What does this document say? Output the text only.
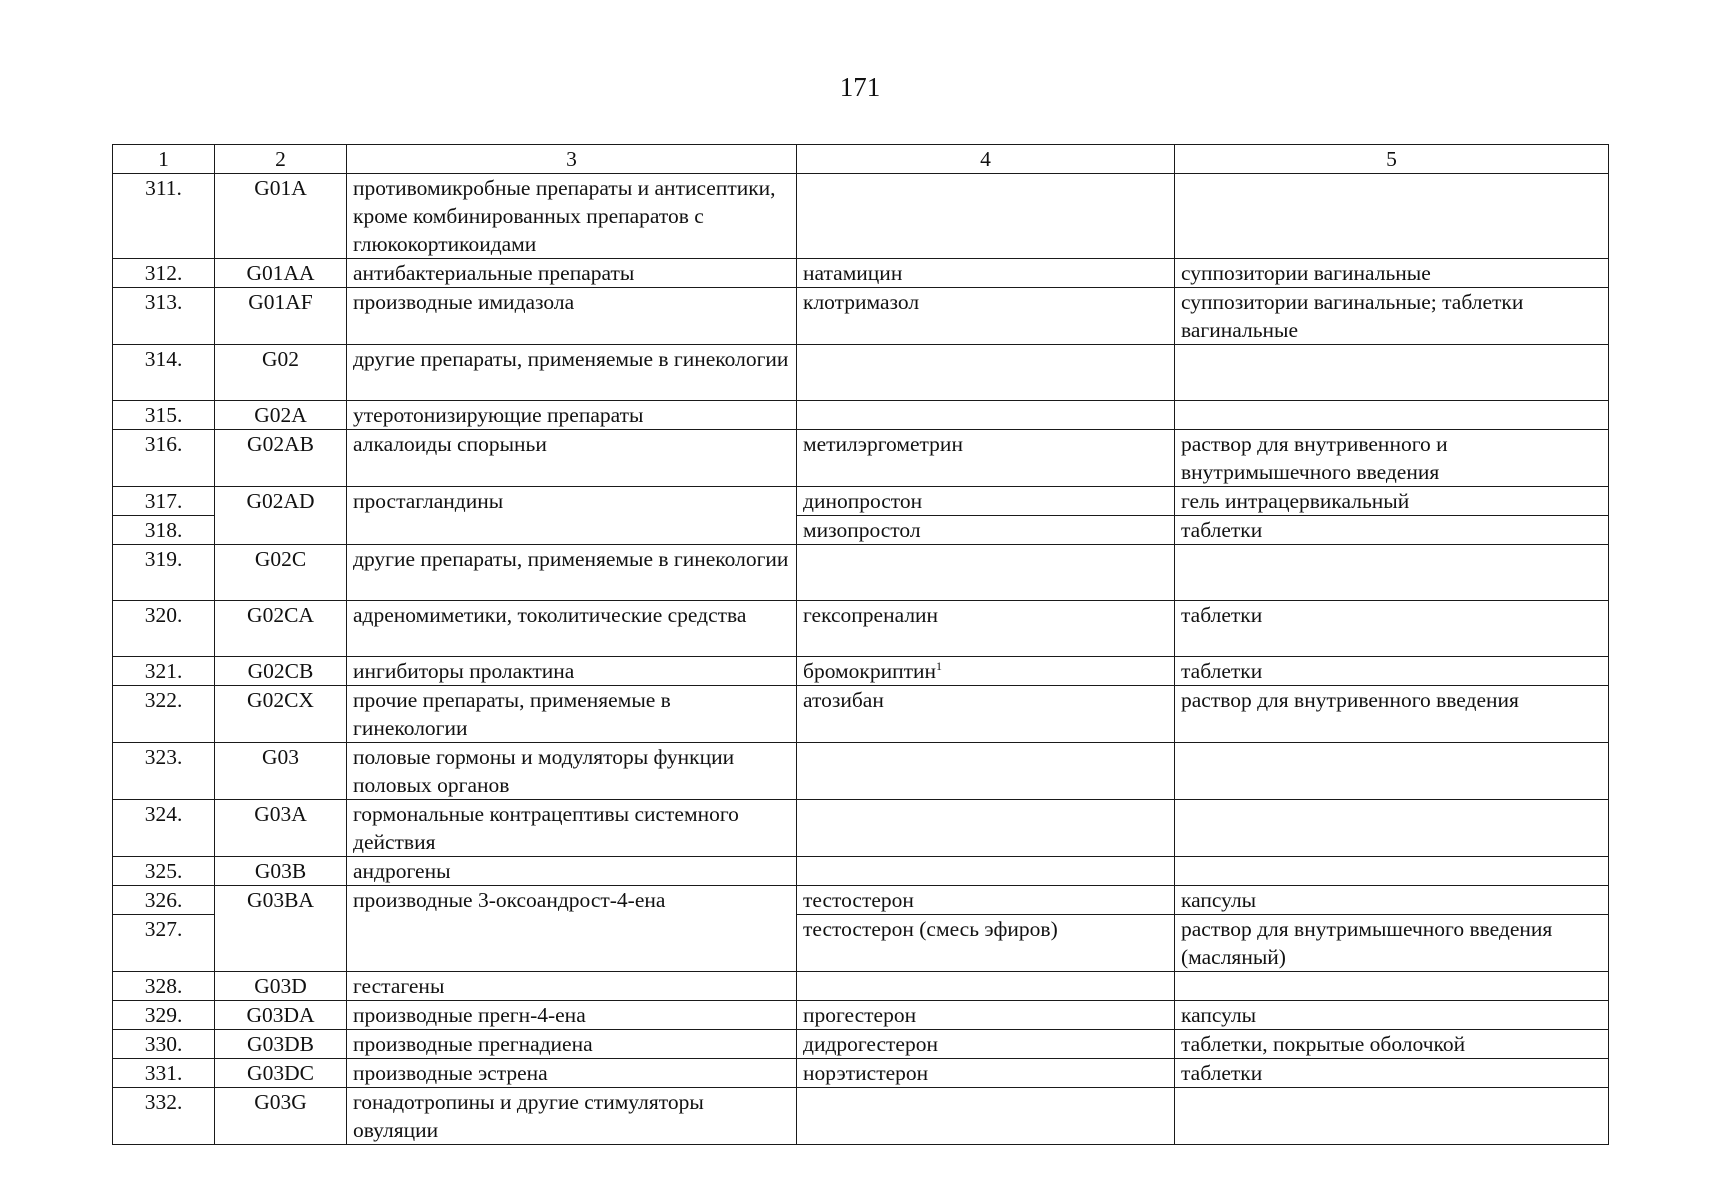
171
1	2	3	4	5
311.	G01A	противомикробные препараты и антисептики, кроме комбинированных препаратов с глюкокортикоидами		
312.	G01AA	антибактериальные препараты	натамицин	суппозитории вагинальные
313.	G01AF	производные имидазола	клотримазол	суппозитории вагинальные; таблетки вагинальные
314.	G02	другие препараты, применяемые в гинекологии		
315.	G02A	утеротонизирующие препараты		
316.	G02AB	алкалоиды спорыньи	метилэргометрин	раствор для внутривенного и внутримышечного введения
317.	G02AD	простагландины	динопростон	гель интрацервикальный
318.			мизопростол	таблетки
319.	G02C	другие препараты, применяемые в гинекологии		
320.	G02CA	адреномиметики, токолитические средства	гексопреналин	таблетки
321.	G02CB	ингибиторы пролактина	бромокриптин$^1$	таблетки
322.	G02CX	прочие препараты, применяемые в гинекологии	атозибан	раствор для внутривенного введения
323.	G03	половые гормоны и модуляторы функции половых органов		
324.	G03A	гормональные контрацептивы системного действия		
325.	G03B	андрогены		
326.	G03BA	производные 3-оксоандрост-4-ена	тестостерон	капсулы
327.			тестостерон (смесь эфиров)	раствор для внутримышечного введения (масляный)
328.	G03D	гестагены		
329.	G03DA	производные прегн-4-ена	прогестерон	капсулы
330.	G03DB	производные прегнадиена	дидрогестерон	таблетки, покрытые оболочкой
331.	G03DC	производные эстрена	норэтистерон	таблетки
332.	G03G	гонадотропины и другие стимуляторы овуляции		
